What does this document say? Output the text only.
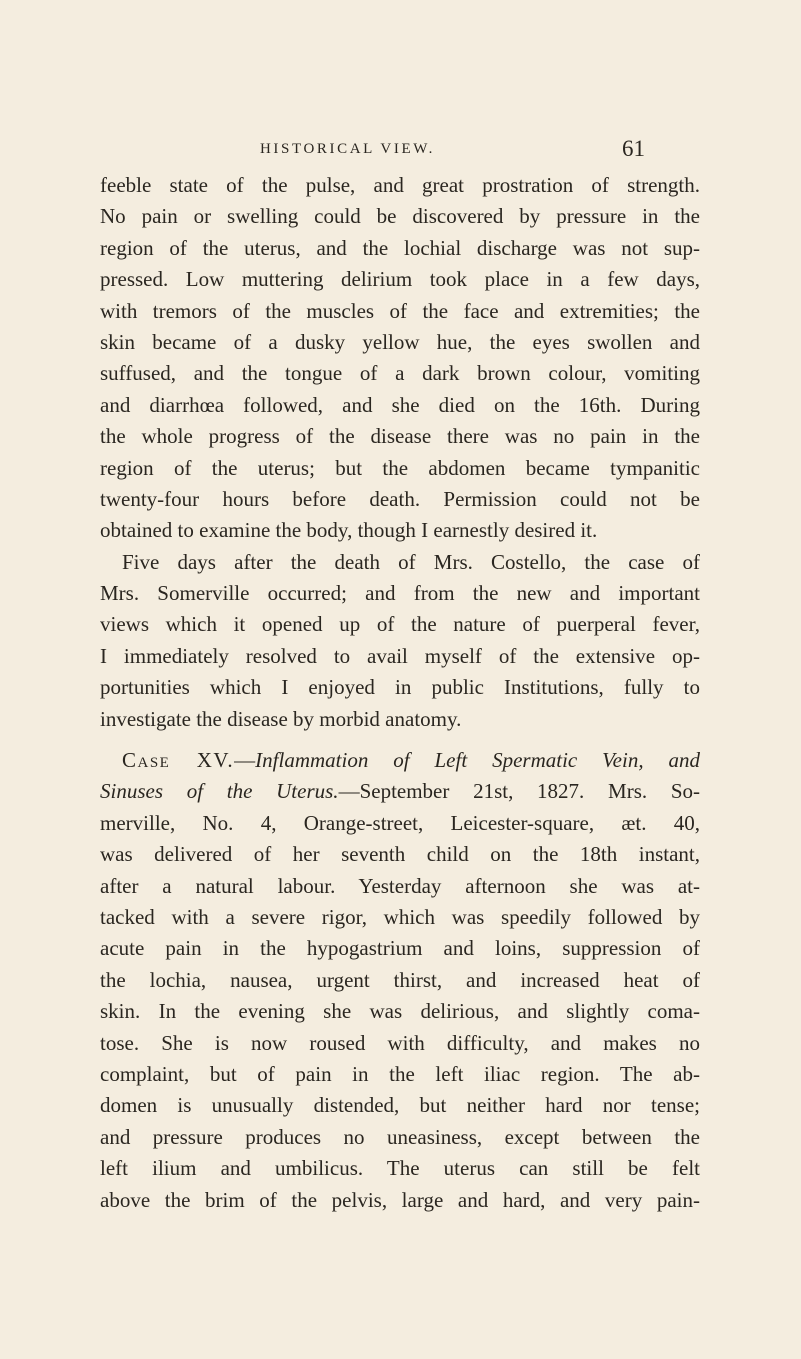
HISTORICAL VIEW.	61
feeble state of the pulse, and great prostration of strength.
No pain or swelling could be discovered by pressure in the
region of the uterus, and the lochial discharge was not sup-
pressed. Low muttering delirium took place in a few days,
with tremors of the muscles of the face and extremities; the
skin became of a dusky yellow hue, the eyes swollen and
suffused, and the tongue of a dark brown colour, vomiting
and diarrhœa followed, and she died on the 16th. During
the whole progress of the disease there was no pain in the
region of the uterus; but the abdomen became tympanitic
twenty-four hours before death. Permission could not be
obtained to examine the body, though I earnestly desired it.
Five days after the death of Mrs. Costello, the case of
Mrs. Somerville occurred; and from the new and important
views which it opened up of the nature of puerperal fever,
I immediately resolved to avail myself of the extensive op-
portunities which I enjoyed in public Institutions, fully to
investigate the disease by morbid anatomy.
Case XV.—Inflammation of Left Spermatic Vein, and
Sinuses of the Uterus.—September 21st, 1827. Mrs. So-
merville, No. 4, Orange-street, Leicester-square, æt. 40,
was delivered of her seventh child on the 18th instant,
after a natural labour. Yesterday afternoon she was at-
tacked with a severe rigor, which was speedily followed by
acute pain in the hypogastrium and loins, suppression of
the lochia, nausea, urgent thirst, and increased heat of
skin. In the evening she was delirious, and slightly coma-
tose. She is now roused with difficulty, and makes no
complaint, but of pain in the left iliac region. The ab-
domen is unusually distended, but neither hard nor tense;
and pressure produces no uneasiness, except between the
left ilium and umbilicus. The uterus can still be felt
above the brim of the pelvis, large and hard, and very pain-
